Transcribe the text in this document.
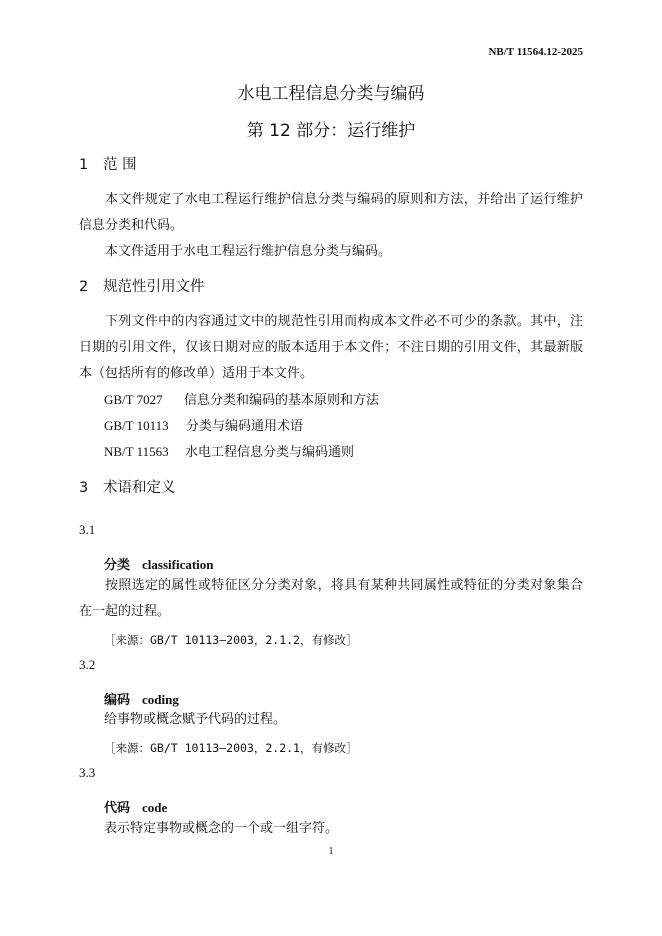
NB/T 11564.12-2025
水电工程信息分类与编码
第 12 部分：运行维护
1 范 围
本文件规定了水电工程运行维护信息分类与编码的原则和方法，并给出了运行维护信息分类和代码。
本文件适用于水电工程运行维护信息分类与编码。
2 规范性引用文件
下列文件中的内容通过文中的规范性引用而构成本文件必不可少的条款。其中，注日期的引用文件，仅该日期对应的版本适用于本文件；不注日期的引用文件，其最新版本（包括所有的修改单）适用于本文件。
GB/T 7027 信息分类和编码的基本原则和方法
GB/T 10113 分类与编码通用术语
NB/T 11563 水电工程信息分类与编码通则
3 术语和定义
3.1
分类 classification
按照选定的属性或特征区分分类对象，将具有某种共同属性或特征的分类对象集合在一起的过程。
［来源：GB/T 10113—2003，2.1.2，有修改］
3.2
编码 coding
给事物或概念赋予代码的过程。
［来源：GB/T 10113—2003，2.2.1，有修改］
3.3
代码 code
表示特定事物或概念的一个或一组字符。
1
